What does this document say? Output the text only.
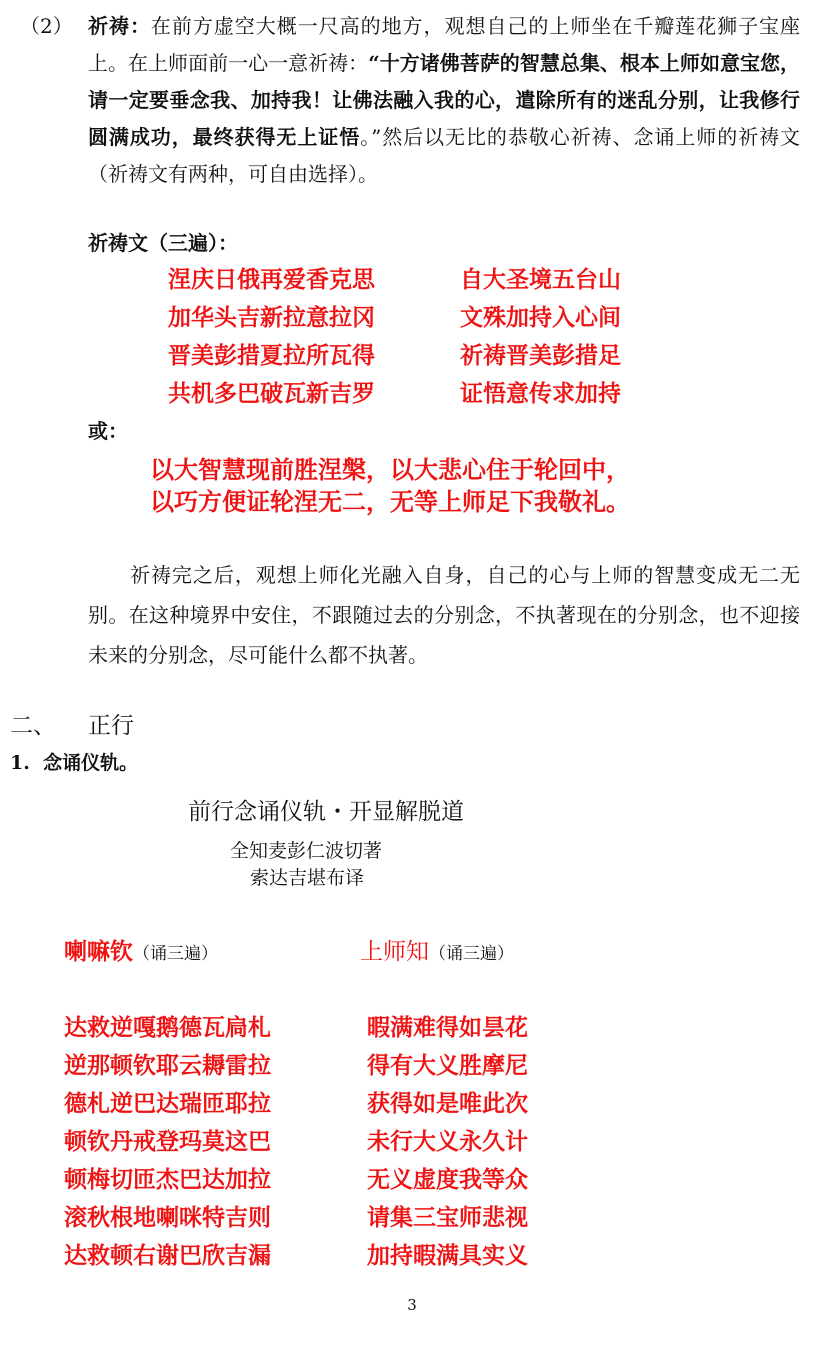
（2） 祈祷：在前方虚空大概一尺高的地方，观想自己的上师坐在千瓣莲花狮子宝座上。在上师面前一心一意祈祷：“十方诸佛菩萨的智慧总集、根本上师如意宝您，请一定要垂念我、加持我！让佛法融入我的心，遣除所有的迷乱分别，让我修行圆满成功，最终获得无上证悟。”然后以无比的恭敬心祈祷、念诵上师的祈祷文（祈祷文有两种，可自由选择）。
祈祷文（三遍）：
涅庆日俄再爱香克思
加华头吉新拉意拉冈
晋美彭措夏拉所瓦得
共机多巴破瓦新吉罗
自大圣境五台山
文殊加持入心间
祈祷晋美彭措足
证悟意传求加持
或：
以大智慧现前胜涅槃，以大悲心住于轮回中，
以巧方便证轮涅无二，无等上师足下我敬礼。
祈祷完之后，观想上师化光融入自身，自己的心与上师的智慧变成无二无别。在这种境界中安住，不跟随过去的分别念，不执著现在的分别念，也不迎接未来的分别念，尽可能什么都不执著。
二、 正行
1.  念诵仪轨。
前行念诵仪轨・开显解脱道
全知麦彭仁波切著
索达吉堪布译
喇嘛钦（诵三遍）	上师知（诵三遍）
达救逆嘎鹅德瓦扃札
逆那顿钦耶云耨雷拉
德札逆巴达瑞匝耶拉
顿钦丹戒登玛莫这巴
顿梅切匝杰巴达加拉
滚秋根地喇咪特吉则
达救顿右谢巴欣吉漏
暇满难得如昙花
得有大义胜摩尼
获得如是唯此次
未行大义永久计
无义虚度我等众
请集三宝师悲视
加持暇满具实义
3
